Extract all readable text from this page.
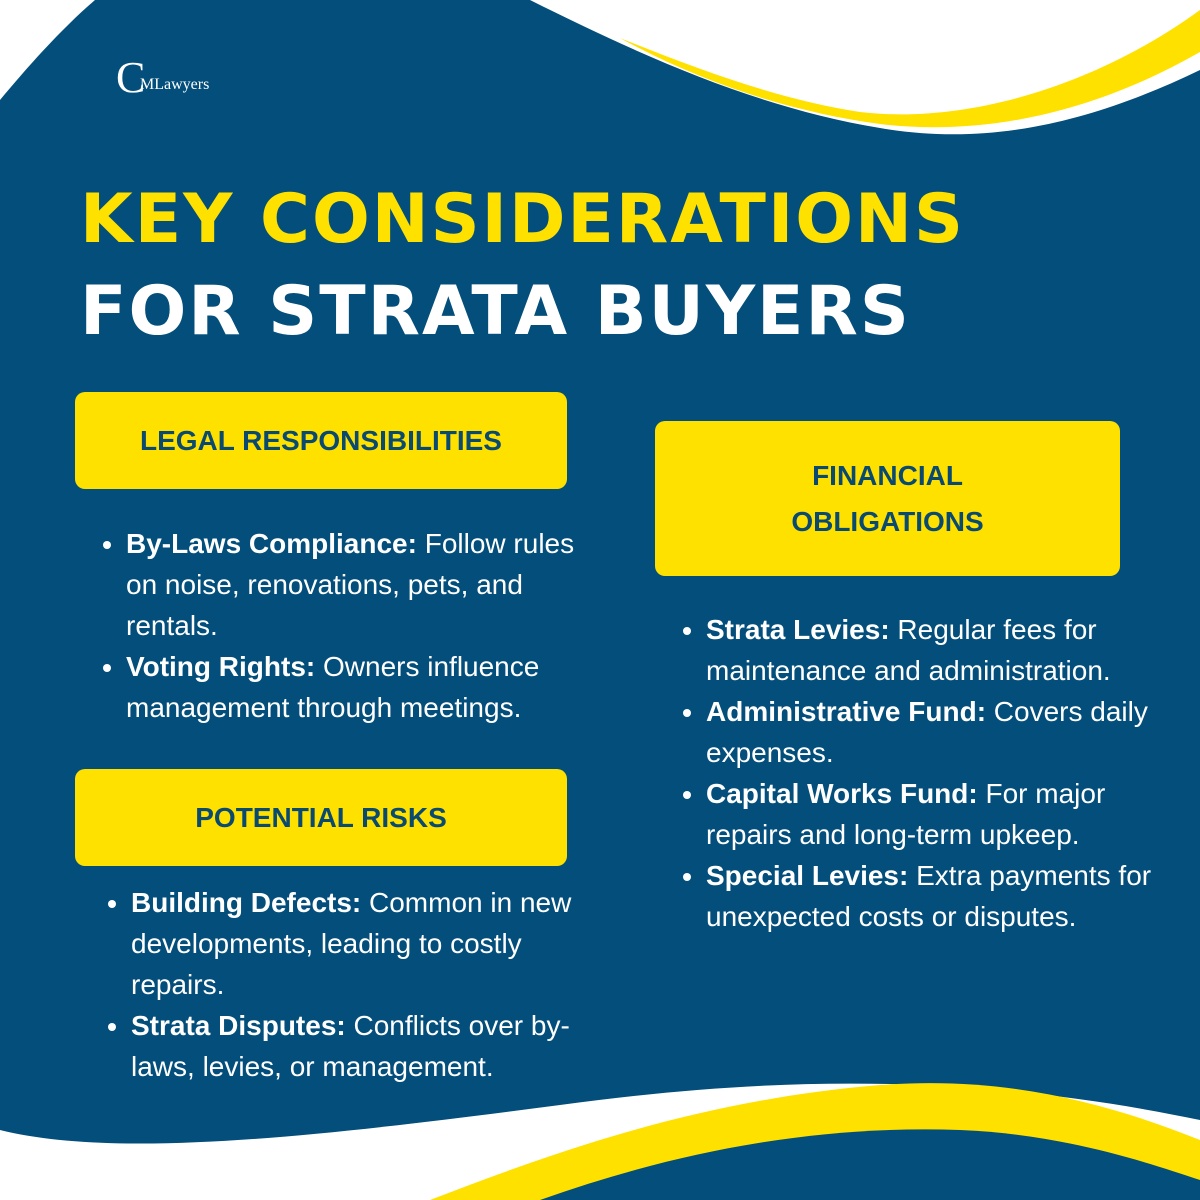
C
MLawyers
KEY CONSIDERATIONS
FOR STRATA BUYERS
LEGAL RESPONSIBILITIES
• By-Laws Compliance: Follow rules on noise, renovations, pets, and rentals.
• Voting Rights: Owners influence management through meetings.
POTENTIAL RISKS
• Building Defects: Common in new developments, leading to costly repairs.
• Strata Disputes: Conflicts over by-laws, levies, or management.
FINANCIAL
OBLIGATIONS
• Strata Levies: Regular fees for maintenance and administration.
• Administrative Fund: Covers daily expenses.
• Capital Works Fund: For major repairs and long-term upkeep.
• Special Levies: Extra payments for unexpected costs or disputes.
